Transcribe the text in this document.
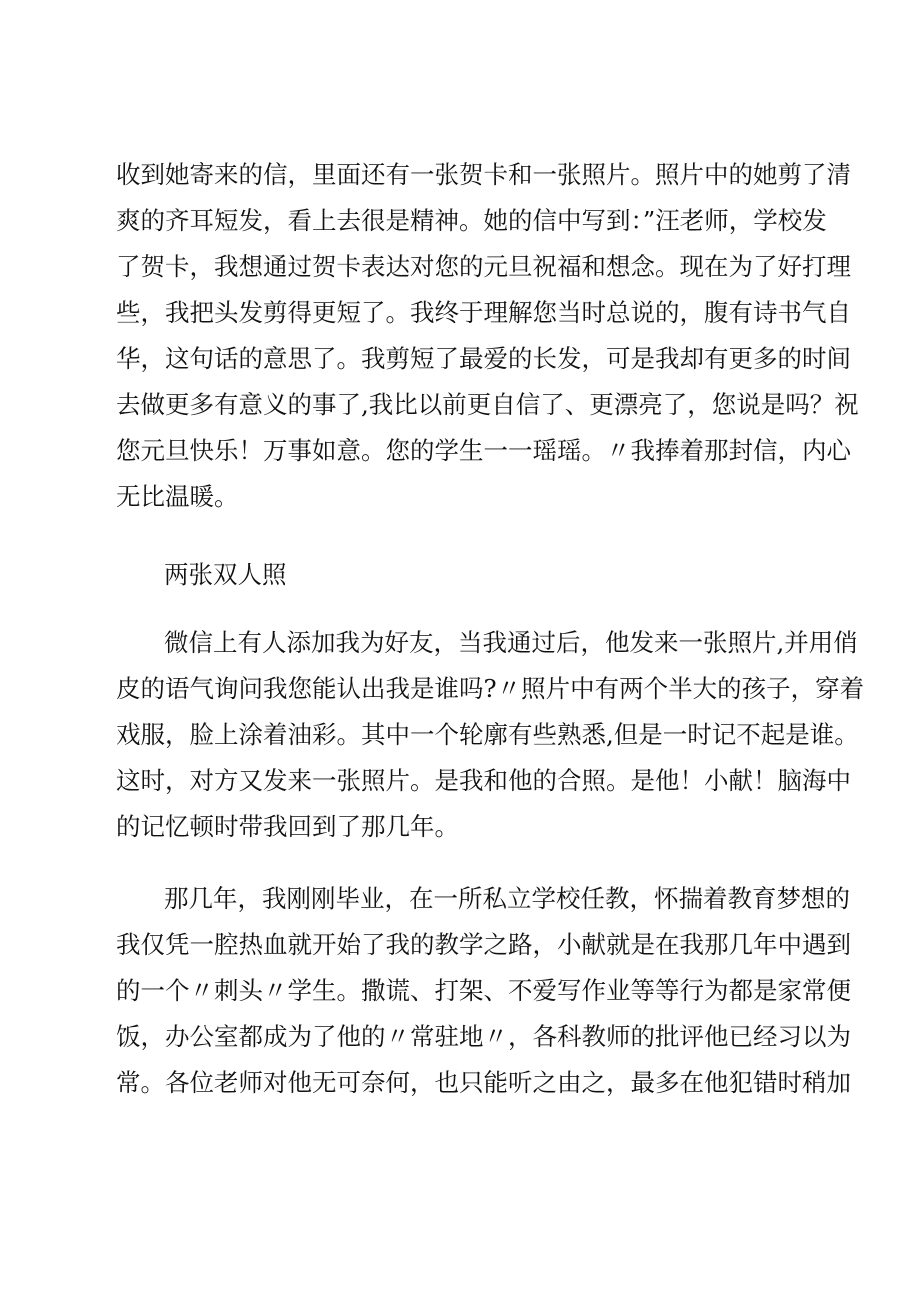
收到她寄来的信，里面还有一张贺卡和一张照片。照片中的她剪了清
爽的齐耳短发，看上去很是精神。她的信中写到：”汪老师，学校发
了贺卡，我想通过贺卡表达对您的元旦祝福和想念。现在为了好打理
些，我把头发剪得更短了。我终于理解您当时总说的，腹有诗书气自
华，这句话的意思了。我剪短了最爱的长发，可是我却有更多的时间
去做更多有意义的事了,我比以前更自信了、更漂亮了，您说是吗？祝
您元旦快乐！万事如意。您的学生一一瑶瑶。〃我捧着那封信，内心
无比温暖。
两张双人照
微信上有人添加我为好友，当我通过后，他发来一张照片,并用俏
皮的语气询问我您能认出我是谁吗?〃照片中有两个半大的孩子，穿着
戏服，脸上涂着油彩。其中一个轮廓有些熟悉,但是一时记不起是谁。
这时，对方又发来一张照片。是我和他的合照。是他！小献！脑海中
的记忆顿时带我回到了那几年。
那几年，我刚刚毕业，在一所私立学校任教，怀揣着教育梦想的
我仅凭一腔热血就开始了我的教学之路，小献就是在我那几年中遇到
的一个〃刺头〃学生。撒谎、打架、不爱写作业等等行为都是家常便
饭，办公室都成为了他的〃常驻地〃，各科教师的批评他已经习以为
常。各位老师对他无可奈何，也只能听之由之，最多在他犯错时稍加
